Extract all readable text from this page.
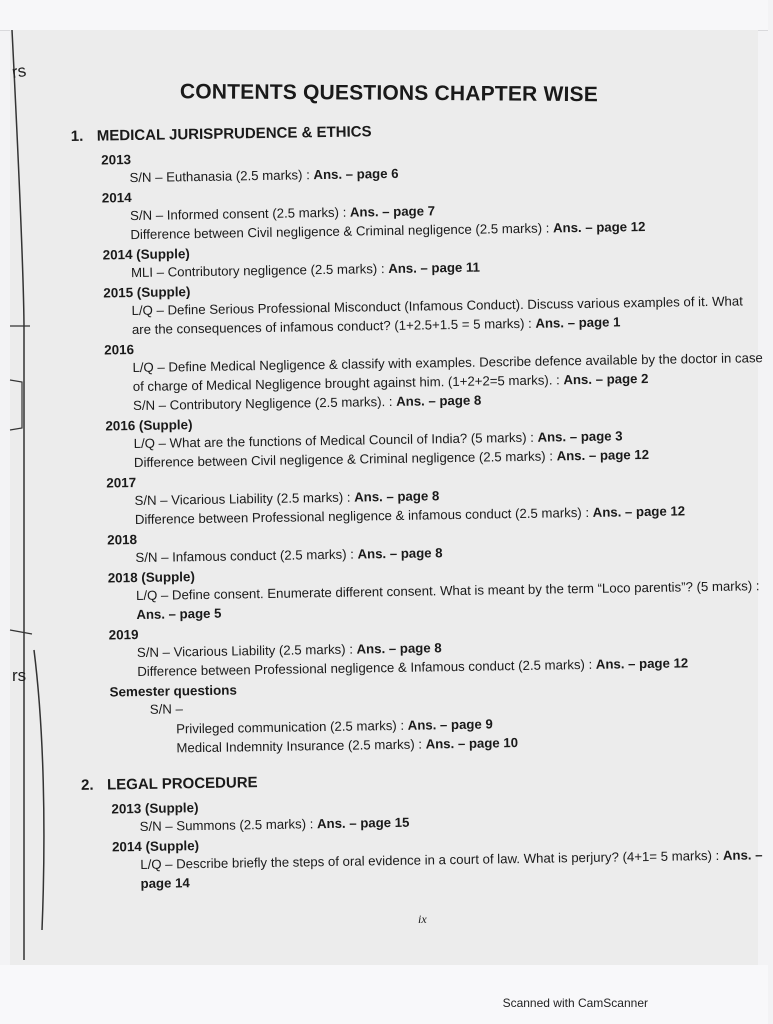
rs
rs
CONTENTS QUESTIONS CHAPTER WISE
1. MEDICAL JURISPRUDENCE & ETHICS
2013
S/N – Euthanasia (2.5 marks) : Ans. – page 6
2014
S/N – Informed consent (2.5 marks) : Ans. – page 7
Difference between Civil negligence & Criminal negligence (2.5 marks) : Ans. – page 12
2014 (Supple)
MLI – Contributory negligence (2.5 marks) : Ans. – page 11
2015 (Supple)
L/Q – Define Serious Professional Misconduct (Infamous Conduct). Discuss various examples of it. What are the consequences of infamous conduct? (1+2.5+1.5 = 5 marks) : Ans. – page 1
2016
L/Q – Define Medical Negligence & classify with examples. Describe defence available by the doctor in case of charge of Medical Negligence brought against him. (1+2+2=5 marks). : Ans. – page 2
S/N – Contributory Negligence (2.5 marks). : Ans. – page 8
2016 (Supple)
L/Q – What are the functions of Medical Council of India? (5 marks) : Ans. – page 3
Difference between Civil negligence & Criminal negligence (2.5 marks) : Ans. – page 12
2017
S/N – Vicarious Liability (2.5 marks) : Ans. – page 8
Difference between Professional negligence & infamous conduct (2.5 marks) : Ans. – page 12
2018
S/N – Infamous conduct (2.5 marks) : Ans. – page 8
2018 (Supple)
L/Q – Define consent. Enumerate different consent. What is meant by the term “Loco parentis”? (5 marks) : Ans. – page 5
2019
S/N – Vicarious Liability (2.5 marks) : Ans. – page 8
Difference between Professional negligence & Infamous conduct (2.5 marks) : Ans. – page 12
Semester questions
S/N –
Privileged communication (2.5 marks) : Ans. – page 9
Medical Indemnity Insurance (2.5 marks) : Ans. – page 10
2. LEGAL PROCEDURE
2013 (Supple)
S/N – Summons (2.5 marks) : Ans. – page 15
2014 (Supple)
L/Q – Describe briefly the steps of oral evidence in a court of law. What is perjury? (4+1= 5 marks) : Ans. – page 14
ix
Scanned with CamScanner
